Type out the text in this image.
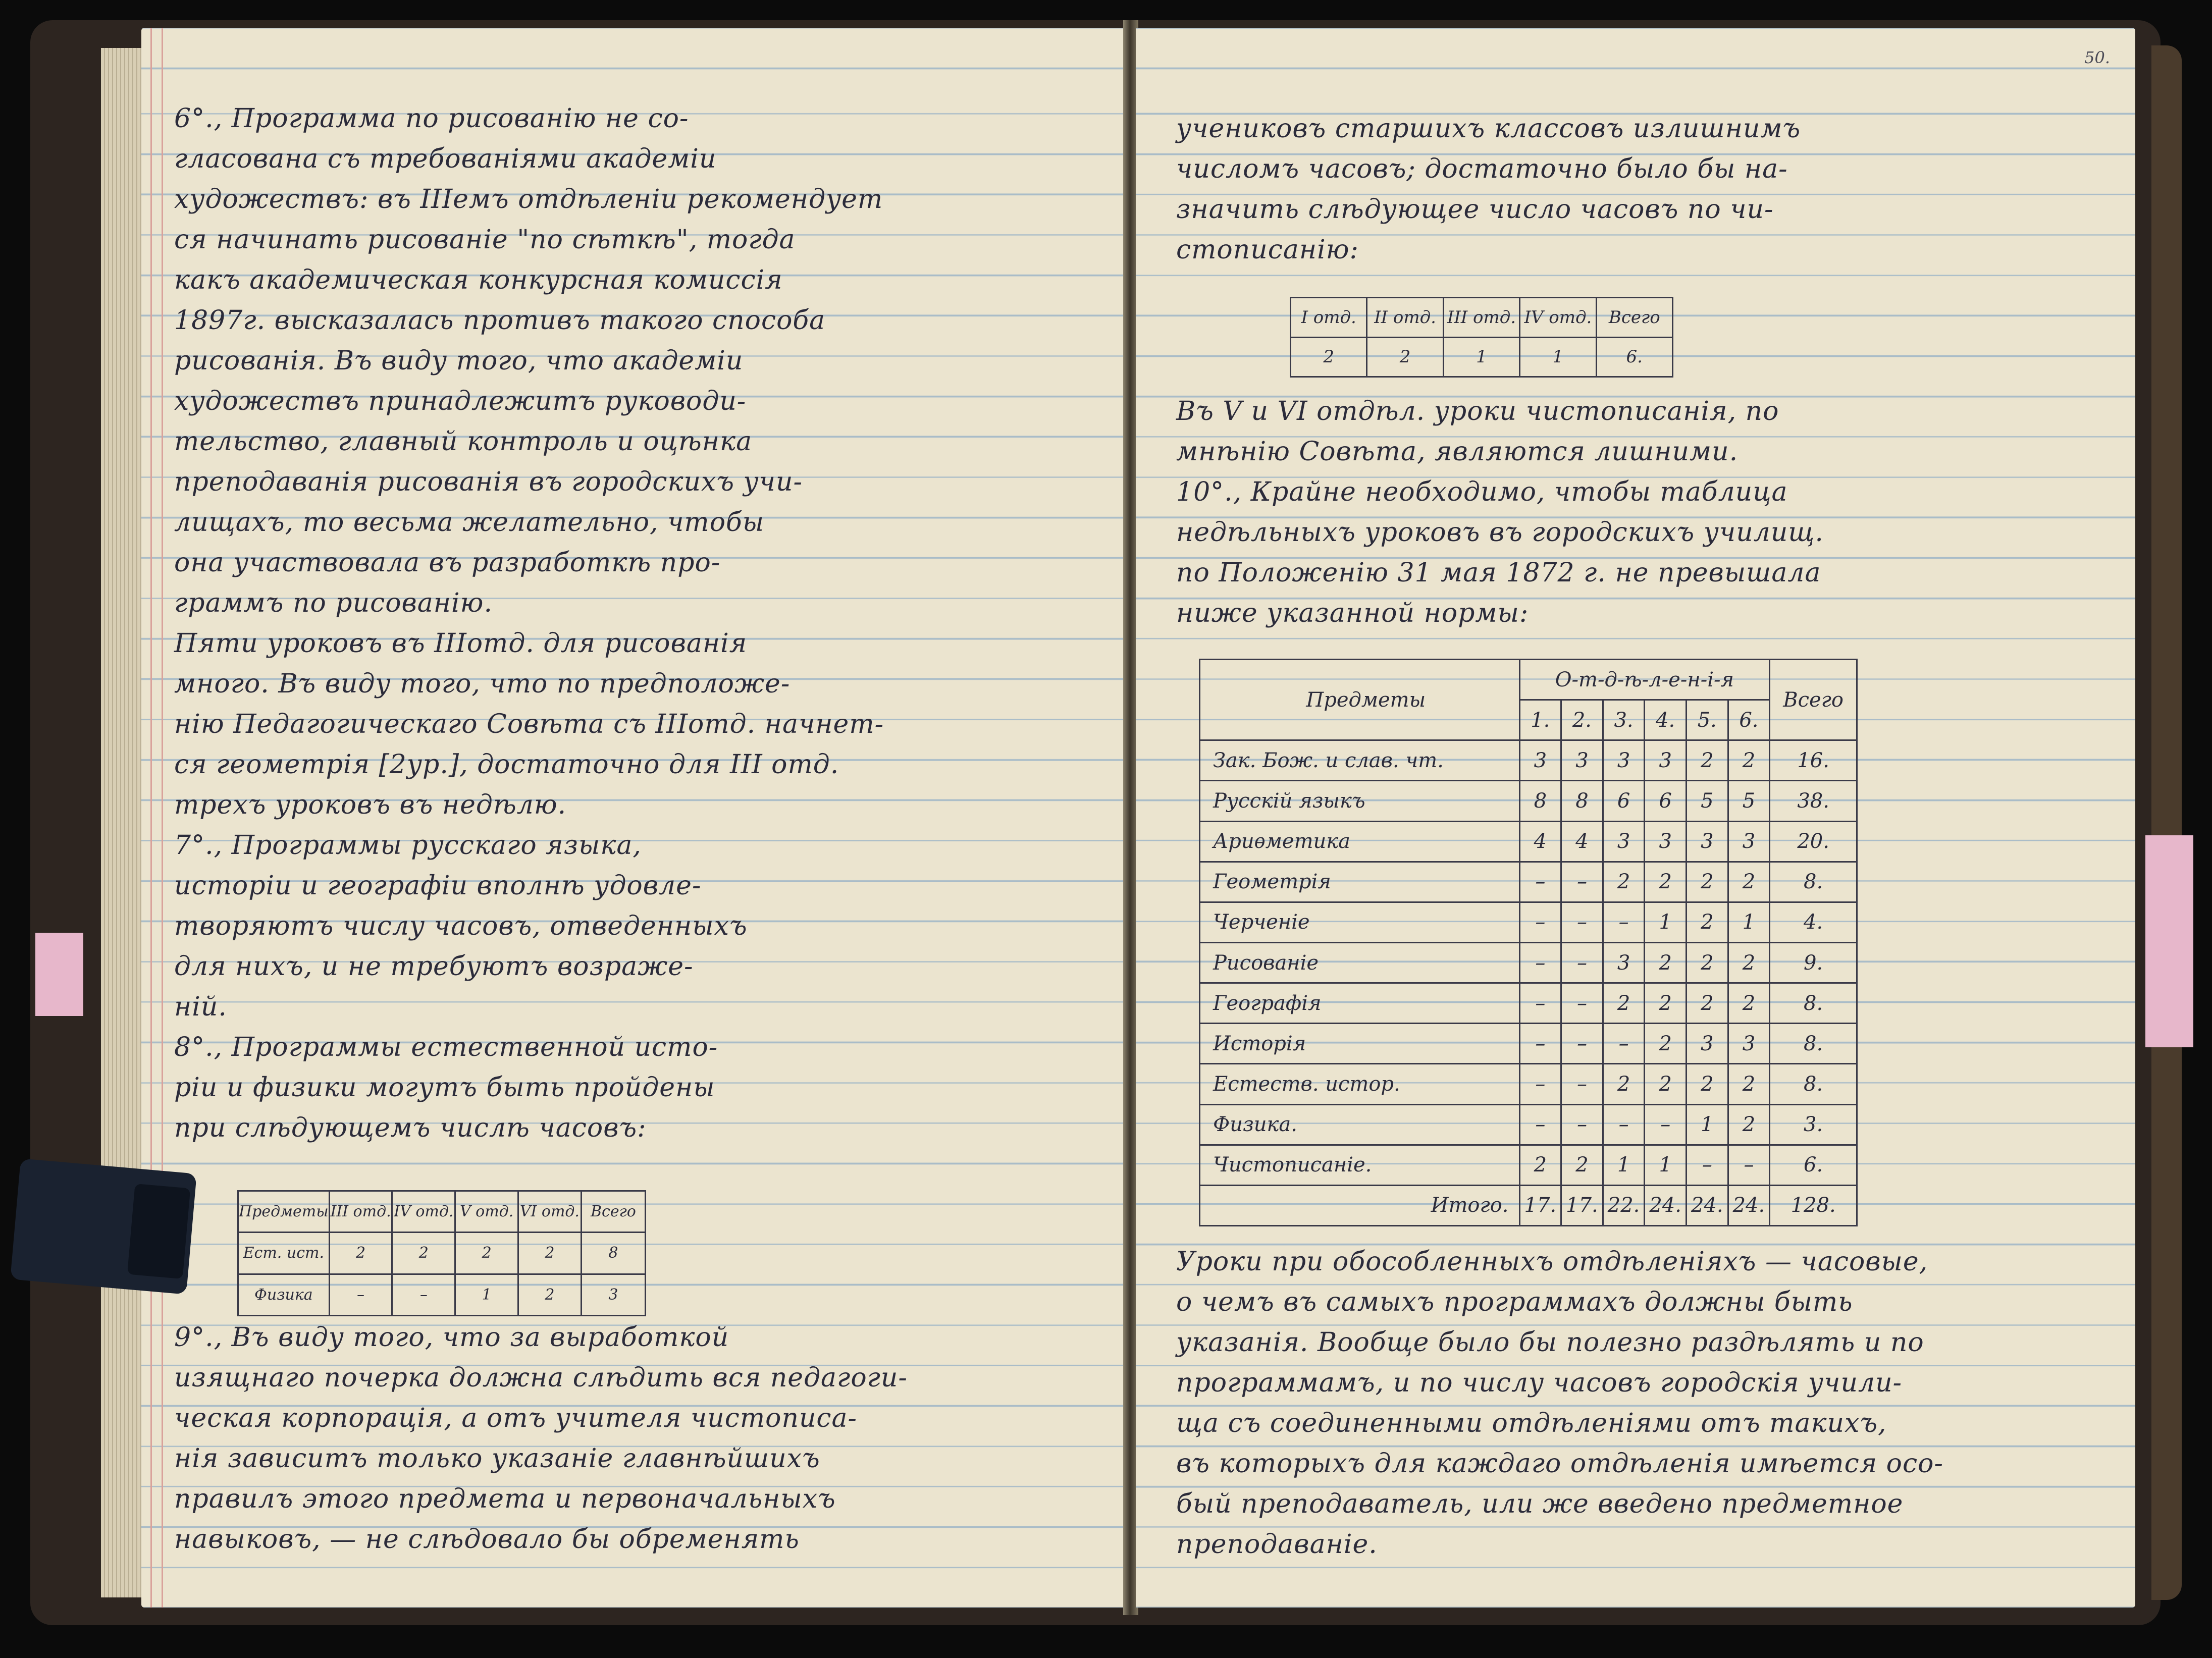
50.
6°., Программа по рисованiю не со-
гласована съ требованiями академiи
художествъ: въ IIIемъ отдѣленiи рекомендует
ся начинать рисованiе "по сѣткѣ", тогда
какъ академическая конкурсная комиссiя
1897г. высказалась противъ такого способа
рисованiя. Въ виду того, что академiи
художествъ принадлежитъ руководи-
тельство, главный контроль и оцѣнка
преподаванiя рисованiя въ городскихъ учи-
лищахъ, то весьма желательно, чтобы
она участвовала въ разработкѣ про-
граммъ по рисованiю.
Пяти уроковъ въ IIIотд. для рисованiя
много. Въ виду того, что по предположе-
нiю Педагогическаго Совѣта съ IIIотд. начнет-
ся геометрiя [2ур.], достаточно для III отд.
трехъ уроковъ въ недѣлю.
7°., Программы русскаго языка,
исторiи и географiи вполнѣ удовле-
творяютъ числу часовъ, отведенныхъ
для нихъ, и не требуютъ возраже-
нiй.
8°., Программы естественной исто-
рiи и физики могутъ быть пройдены
при слѣдующемъ числѣ часовъ:
Предметы	III отд.	IV отд.	V отд.	VI отд.	Всего
Ест. ист.	2	2	2	2	8
Физика	–	–	1	2	3
9°., Въ виду того, что за выработкой
изящнаго почерка должна слѣдить вся педагоги-
ческая корпорацiя, а отъ учителя чистописа-
нiя зависитъ только указанiе главнѣйшихъ
правилъ этого предмета и первоначальныхъ
навыковъ, — не слѣдовало бы обременять
учениковъ старшихъ классовъ излишнимъ
числомъ часовъ; достаточно было бы на-
значить слѣдующее число часовъ по чи-
стописанiю:
I отд.	II отд.	III отд.	IV отд.	Всего
2	2	1	1	6.
Въ V и VI отдѣл. уроки чистописанiя, по
мнѣнiю Совѣта, являются лишними.
10°., Крайне необходимо, чтобы таблица
недѣльныхъ уроковъ въ городскихъ училищ.
по Положенiю 31 мая 1872 г. не превышала
ниже указанной нормы:
Предметы	О-т-д-ѣ-л-е-н-i-я						Всего
	1.	2.	3.	4.	5.	6.	
Зак. Бож. и слав. чт.	3	3	3	3	2	2	16.
Русскiй языкъ	8	8	6	6	5	5	38.
Ариѳметика	4	4	3	3	3	3	20.
Геометрiя	–	–	2	2	2	2	8.
Черченiе	–	–	–	1	2	1	4.
Рисованiе	–	–	3	2	2	2	9.
Географiя	–	–	2	2	2	2	8.
Исторiя	–	–	–	2	3	3	8.
Естеств. истор.	–	–	2	2	2	2	8.
Физика.	–	–	–	–	1	2	3.
Чистописанiе.	2	2	1	1	–	–	6.
Итого.	17.	17.	22.	24.	24.	24.	128.
Уроки при обособленныхъ отдѣленiяхъ — часовые,
о чемъ въ самыхъ программахъ должны быть
указанiя. Вообще было бы полезно раздѣлять и по
программамъ, и по числу часовъ городскiя учили-
ща съ соединенными отдѣленiями отъ такихъ,
въ которыхъ для каждаго отдѣленiя имѣется осо-
бый преподаватель, или же введено предметное
преподаванiе.
